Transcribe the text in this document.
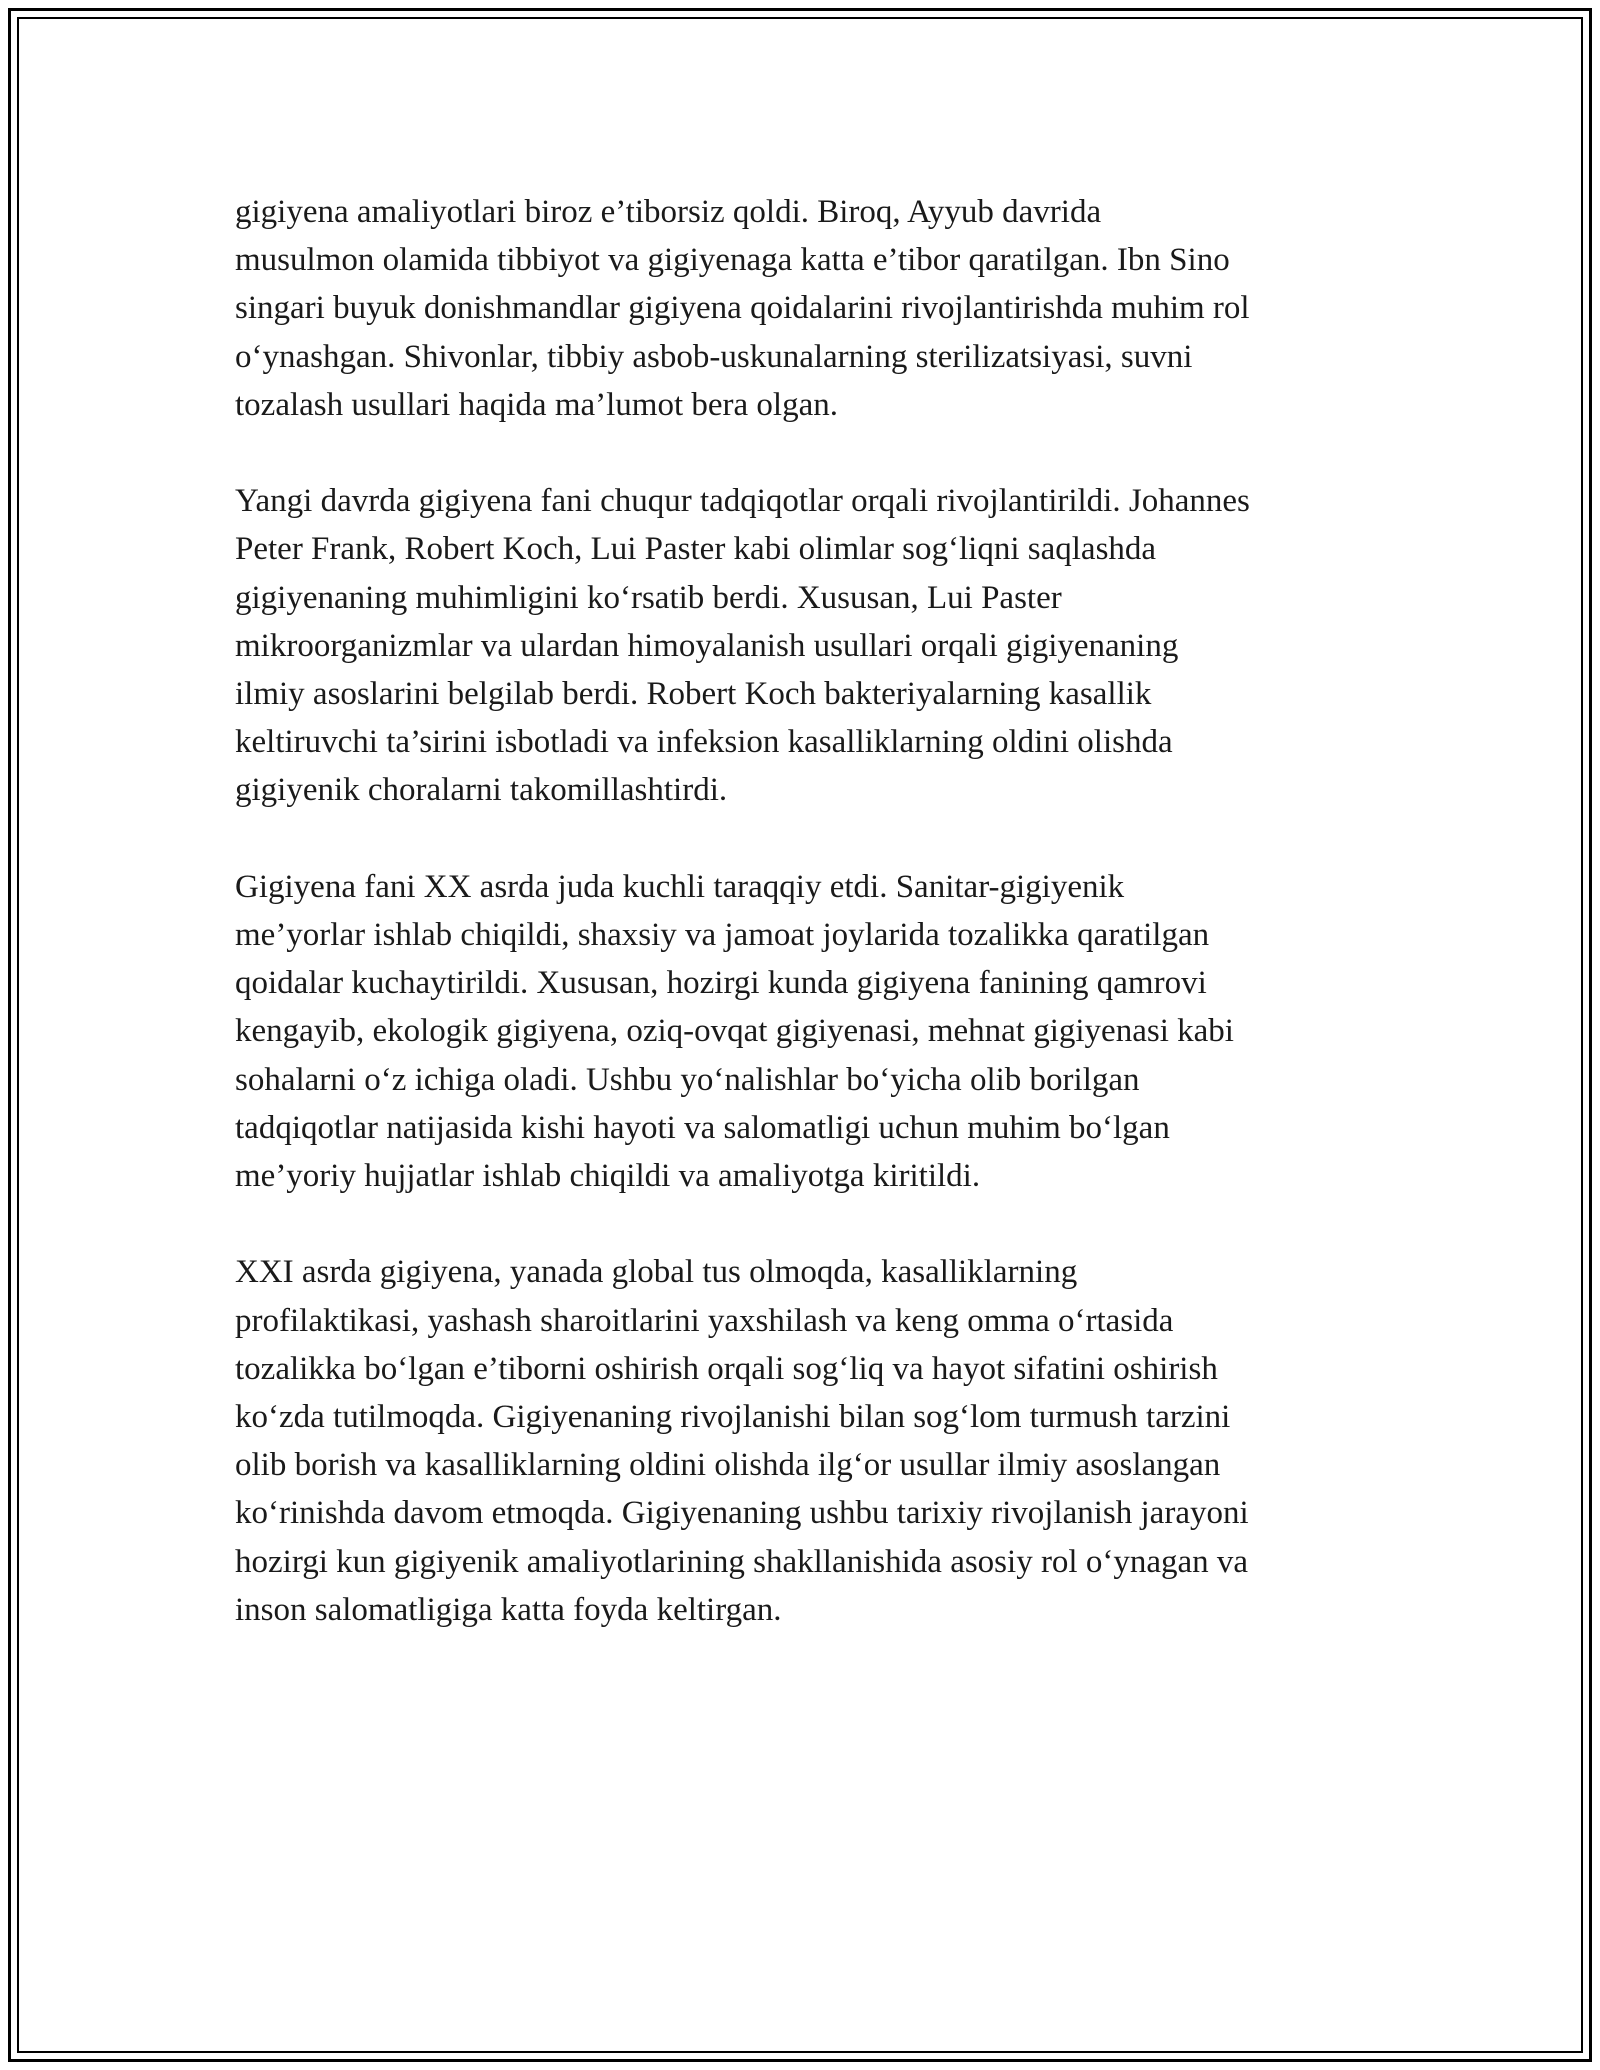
gigiyena amaliyotlari biroz e’tiborsiz qoldi. Biroq, Ayyub davrida
musulmon olamida tibbiyot va gigiyenaga katta e’tibor qaratilgan. Ibn Sino
singari buyuk donishmandlar gigiyena qoidalarini rivojlantirishda muhim rol
o‘ynashgan. Shivonlar, tibbiy asbob-uskunalarning sterilizatsiyasi, suvni
tozalash usullari haqida ma’lumot bera olgan.

Yangi davrda gigiyena fani chuqur tadqiqotlar orqali rivojlantirildi. Johannes
Peter Frank, Robert Koch, Lui Paster kabi olimlar sog‘liqni saqlashda
gigiyenaning muhimligini ko‘rsatib berdi. Xususan, Lui Paster
mikroorganizmlar va ulardan himoyalanish usullari orqali gigiyenaning
ilmiy asoslarini belgilab berdi. Robert Koch bakteriyalarning kasallik
keltiruvchi ta’sirini isbotladi va infeksion kasalliklarning oldini olishda
gigiyenik choralarni takomillashtirdi.

Gigiyena fani XX asrda juda kuchli taraqqiy etdi. Sanitar-gigiyenik
me’yorlar ishlab chiqildi, shaxsiy va jamoat joylarida tozalikka qaratilgan
qoidalar kuchaytirildi. Xususan, hozirgi kunda gigiyena fanining qamrovi
kengayib, ekologik gigiyena, oziq-ovqat gigiyenasi, mehnat gigiyenasi kabi
sohalarni o‘z ichiga oladi. Ushbu yo‘nalishlar bo‘yicha olib borilgan
tadqiqotlar natijasida kishi hayoti va salomatligi uchun muhim bo‘lgan
me’yoriy hujjatlar ishlab chiqildi va amaliyotga kiritildi.

XXI asrda gigiyena, yanada global tus olmoqda, kasalliklarning
profilaktikasi, yashash sharoitlarini yaxshilash va keng omma o‘rtasida
tozalikka bo‘lgan e’tiborni oshirish orqali sog‘liq va hayot sifatini oshirish
ko‘zda tutilmoqda. Gigiyenaning rivojlanishi bilan sog‘lom turmush tarzini
olib borish va kasalliklarning oldini olishda ilg‘or usullar ilmiy asoslangan
ko‘rinishda davom etmoqda. Gigiyenaning ushbu tarixiy rivojlanish jarayoni
hozirgi kun gigiyenik amaliyotlarining shakllanishida asosiy rol o‘ynagan va
inson salomatligiga katta foyda keltirgan.
